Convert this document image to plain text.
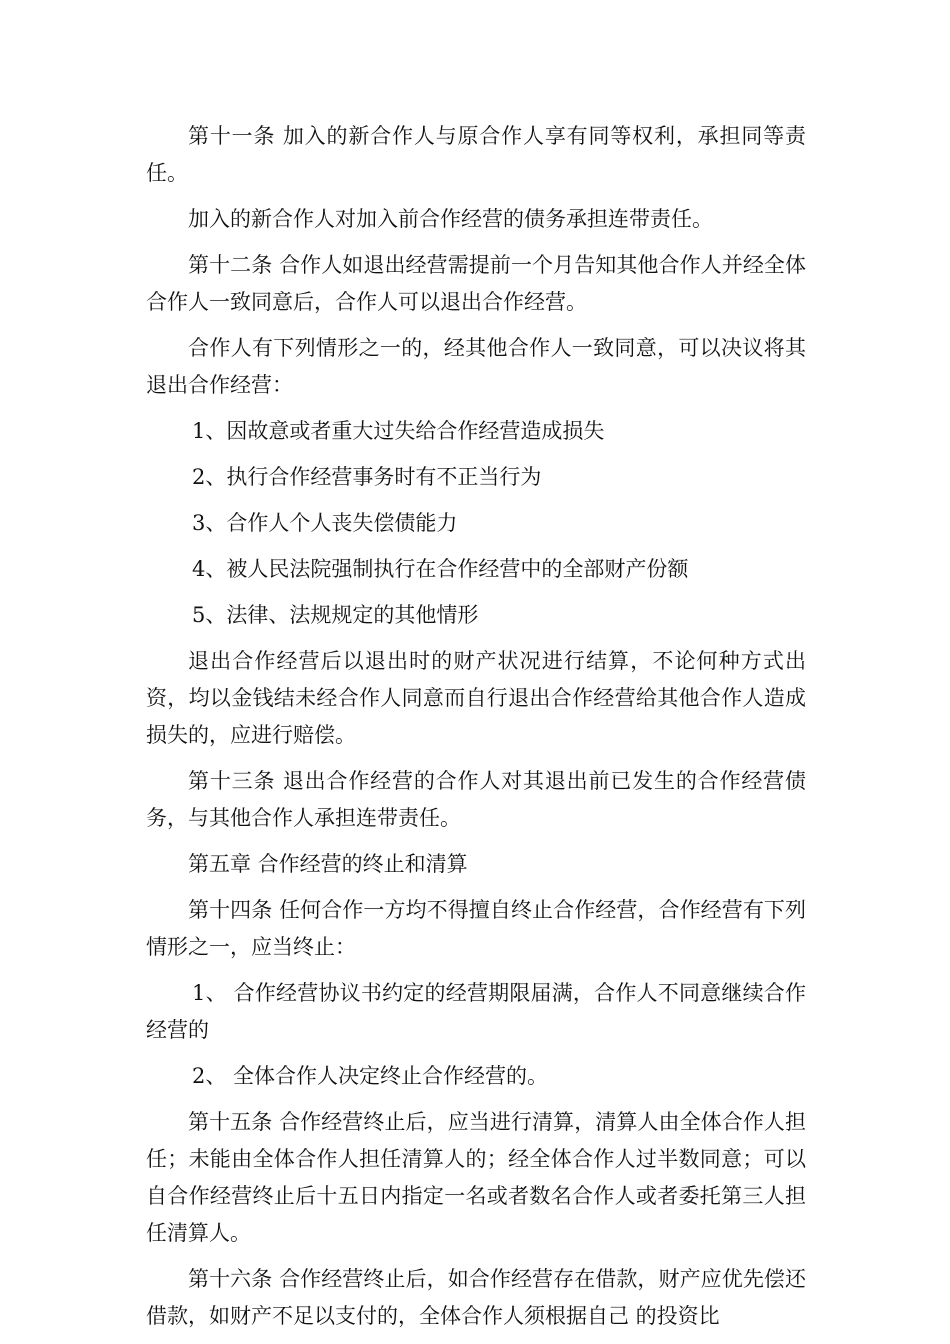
第十一条 加入的新合作人与原合作人享有同等权利，承担同等责任。

加入的新合作人对加入前合作经营的债务承担连带责任。

第十二条 合作人如退出经营需提前一个月告知其他合作人并经全体合作人一致同意后，合作人可以退出合作经营。

合作人有下列情形之一的，经其他合作人一致同意，可以决议将其退出合作经营：

1、因故意或者重大过失给合作经营造成损失

2、执行合作经营事务时有不正当行为

3、合作人个人丧失偿债能力

4、被人民法院强制执行在合作经营中的全部财产份额

5、法律、法规规定的其他情形

退出合作经营后以退出时的财产状况进行结算，不论何种方式出资，均以金钱结未经合作人同意而自行退出合作经营给其他合作人造成损失的，应进行赔偿。

第十三条 退出合作经营的合作人对其退出前已发生的合作经营债务，与其他合作人承担连带责任。

第五章 合作经营的终止和清算

第十四条 任何合作一方均不得擅自终止合作经营，合作经营有下列情形之一，应当终止：

1、 合作经营协议书约定的经营期限届满，合作人不同意继续合作经营的

2、 全体合作人决定终止合作经营的。

第十五条 合作经营终止后，应当进行清算，清算人由全体合作人担任；未能由全体合作人担任清算人的；经全体合作人过半数同意；可以自合作经营终止后十五日内指定一名或者数名合作人或者委托第三人担任清算人。

第十六条 合作经营终止后，如合作经营存在借款，财产应优先偿还借款，如财产不足以支付的，全体合作人须根据自己 的投资比
